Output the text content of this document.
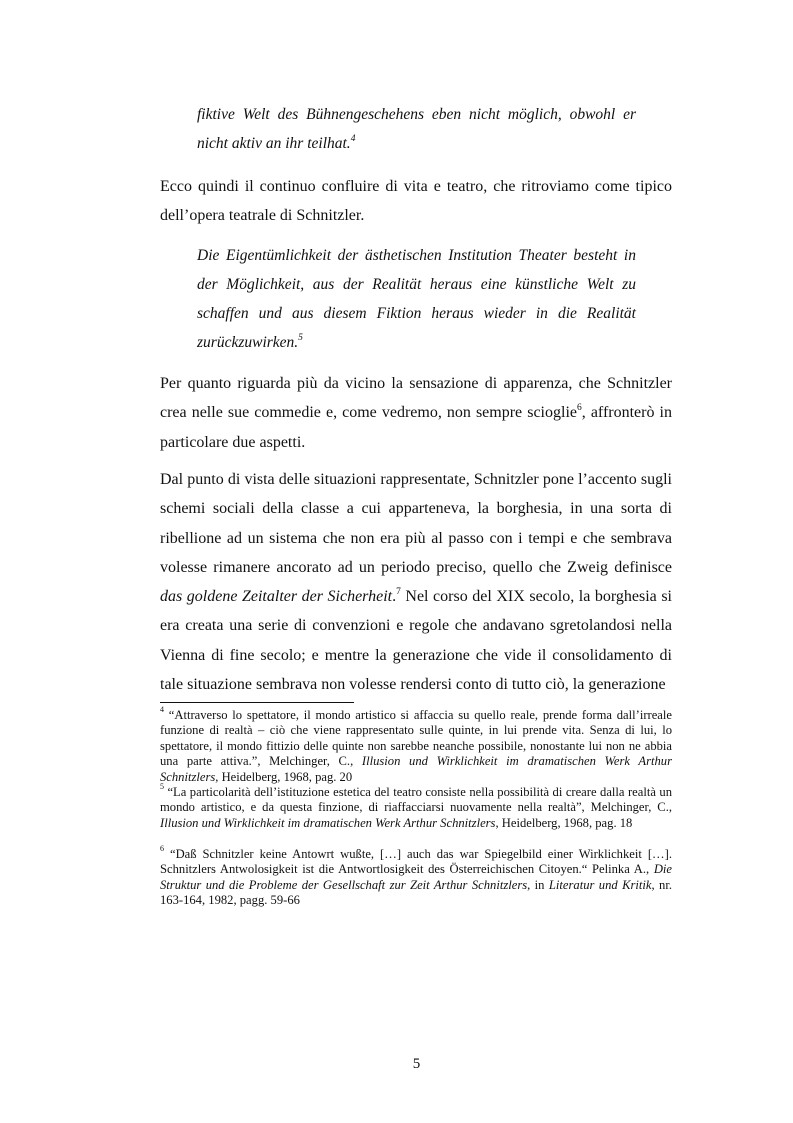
fiktive Welt des Bühnengeschehens eben nicht möglich, obwohl er nicht aktiv an ihr teilhat.$^4$

Ecco quindi il continuo confluire di vita e teatro, che ritroviamo come tipico dell’opera teatrale di Schnitzler.

Die Eigentümlichkeit der ästhetischen Institution Theater besteht in der Möglichkeit, aus der Realität heraus eine künstliche Welt zu schaffen und aus diesem Fiktion heraus wieder in die Realität zurückzuwirken.$^5$

Per quanto riguarda più da vicino la sensazione di apparenza, che Schnitzler crea nelle sue commedie e, come vedremo, non sempre scioglie$^6$, affronterò in particolare due aspetti.

Dal punto di vista delle situazioni rappresentate, Schnitzler pone l’accento sugli schemi sociali della classe a cui apparteneva, la borghesia, in una sorta di ribellione ad un sistema che non era più al passo con i tempi e che sembrava volesse rimanere ancorato ad un periodo preciso, quello che Zweig definisce das goldene Zeitalter der Sicherheit.$^7$ Nel corso del XIX secolo, la borghesia si era creata una serie di convenzioni e regole che andavano sgretolandosi nella Vienna di fine secolo; e mentre la generazione che vide il consolidamento di tale situazione sembrava non volesse rendersi conto di tutto ciò, la generazione

$^4$ “Attraverso lo spettatore, il mondo artistico si affaccia su quello reale, prende forma dall’irreale funzione di realtà – ciò che viene rappresentato sulle quinte, in lui prende vita. Senza di lui, lo spettatore, il mondo fittizio delle quinte non sarebbe neanche possibile, nonostante lui non ne abbia una parte attiva.”, Melchinger, C., Illusion und Wirklichkeit im dramatischen Werk Arthur Schnitzlers, Heidelberg, 1968, pag. 20

$^5$ “La particolarità dell’istituzione estetica del teatro consiste nella possibilità di creare dalla realtà un mondo artistico, e da questa finzione, di riaffacciarsi nuovamente nella realtà”, Melchinger, C., Illusion und Wirklichkeit im dramatischen Werk Arthur Schnitzlers, Heidelberg, 1968, pag. 18

$^6$ “Daß Schnitzler keine Antowrt wußte, […] auch das war Spiegelbild einer Wirklichkeit […]. Schnitzlers Antwolosigkeit ist die Antwortlosigkeit des Österreichischen Citoyen.“ Pelinka A., Die Struktur und die Probleme der Gesellschaft zur Zeit Arthur Schnitzlers, in Literatur und Kritik, nr. 163-164, 1982, pagg. 59-66

5
